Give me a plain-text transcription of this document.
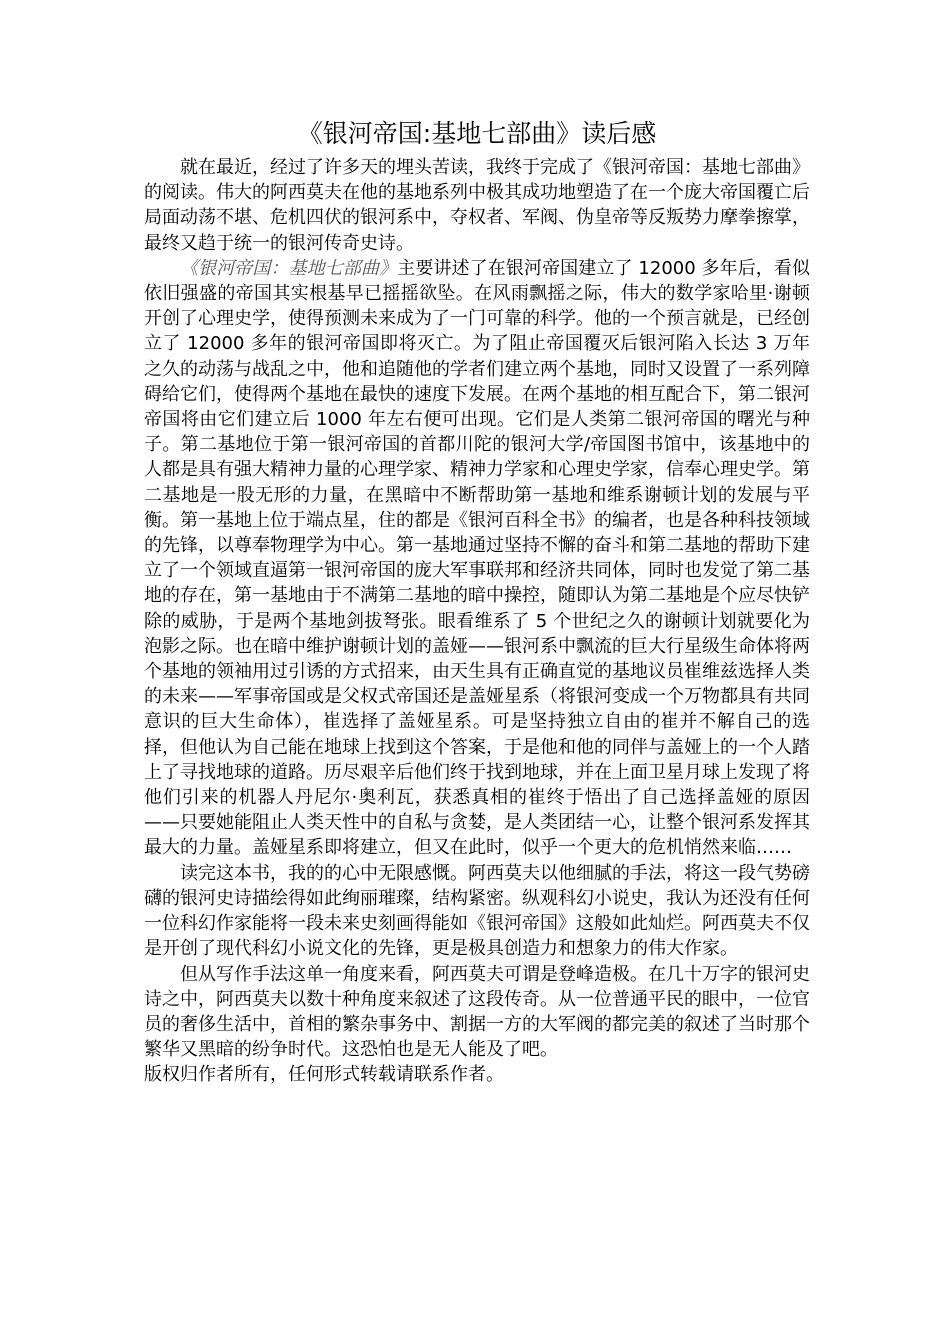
《银河帝国:基地七部曲》读后感

就在最近，经过了许多天的埋头苦读，我终于完成了《银河帝国：基地七部曲》的阅读。伟大的阿西莫夫在他的基地系列中极其成功地塑造了在一个庞大帝国覆亡后局面动荡不堪、危机四伏的银河系中，夺权者、军阀、伪皇帝等反叛势力摩拳擦掌，最终又趋于统一的银河传奇史诗。

《银河帝国：基地七部曲》主要讲述了在银河帝国建立了 12000 多年后，看似依旧强盛的帝国其实根基早已摇摇欲坠。在风雨飘摇之际，伟大的数学家哈里·谢顿开创了心理史学，使得预测未来成为了一门可靠的科学。他的一个预言就是，已经创立了 12000 多年的银河帝国即将灭亡。为了阻止帝国覆灭后银河陷入长达 3 万年之久的动荡与战乱之中，他和追随他的学者们建立两个基地，同时又设置了一系列障碍给它们，使得两个基地在最快的速度下发展。在两个基地的相互配合下，第二银河帝国将由它们建立后 1000 年左右便可出现。它们是人类第二银河帝国的曙光与种子。第二基地位于第一银河帝国的首都川陀的银河大学/帝国图书馆中，该基地中的人都是具有强大精神力量的心理学家、精神力学家和心理史学家，信奉心理史学。第二基地是一股无形的力量，在黑暗中不断帮助第一基地和维系谢顿计划的发展与平衡。第一基地上位于端点星，住的都是《银河百科全书》的编者，也是各种科技领域的先锋，以尊奉物理学为中心。第一基地通过坚持不懈的奋斗和第二基地的帮助下建立了一个领域直逼第一银河帝国的庞大军事联邦和经济共同体，同时也发觉了第二基地的存在，第一基地由于不满第二基地的暗中操控，随即认为第二基地是个应尽快铲除的威胁，于是两个基地剑拔弩张。眼看维系了 5 个世纪之久的谢顿计划就要化为泡影之际。也在暗中维护谢顿计划的盖娅——银河系中飘流的巨大行星级生命体将两个基地的领袖用过引诱的方式招来，由天生具有正确直觉的基地议员崔维兹选择人类的未来——军事帝国或是父权式帝国还是盖娅星系（将银河变成一个万物都具有共同意识的巨大生命体），崔选择了盖娅星系。可是坚持独立自由的崔并不解自己的选择，但他认为自己能在地球上找到这个答案，于是他和他的同伴与盖娅上的一个人踏上了寻找地球的道路。历尽艰辛后他们终于找到地球，并在上面卫星月球上发现了将他们引来的机器人丹尼尔·奥利瓦，获悉真相的崔终于悟出了自己选择盖娅的原因——只要她能阻止人类天性中的自私与贪婪，是人类团结一心，让整个银河系发挥其最大的力量。盖娅星系即将建立，但又在此时，似乎一个更大的危机悄然来临……

读完这本书，我的的心中无限感慨。阿西莫夫以他细腻的手法，将这一段气势磅礴的银河史诗描绘得如此绚丽璀璨，结构紧密。纵观科幻小说史，我认为还没有任何一位科幻作家能将一段未来史刻画得能如《银河帝国》这般如此灿烂。阿西莫夫不仅是开创了现代科幻小说文化的先锋，更是极具创造力和想象力的伟大作家。

但从写作手法这单一角度来看，阿西莫夫可谓是登峰造极。在几十万字的银河史诗之中，阿西莫夫以数十种角度来叙述了这段传奇。从一位普通平民的眼中，一位官员的奢侈生活中，首相的繁杂事务中、割据一方的大军阀的都完美的叙述了当时那个繁华又黑暗的纷争时代。这恐怕也是无人能及了吧。

版权归作者所有，任何形式转载请联系作者。
